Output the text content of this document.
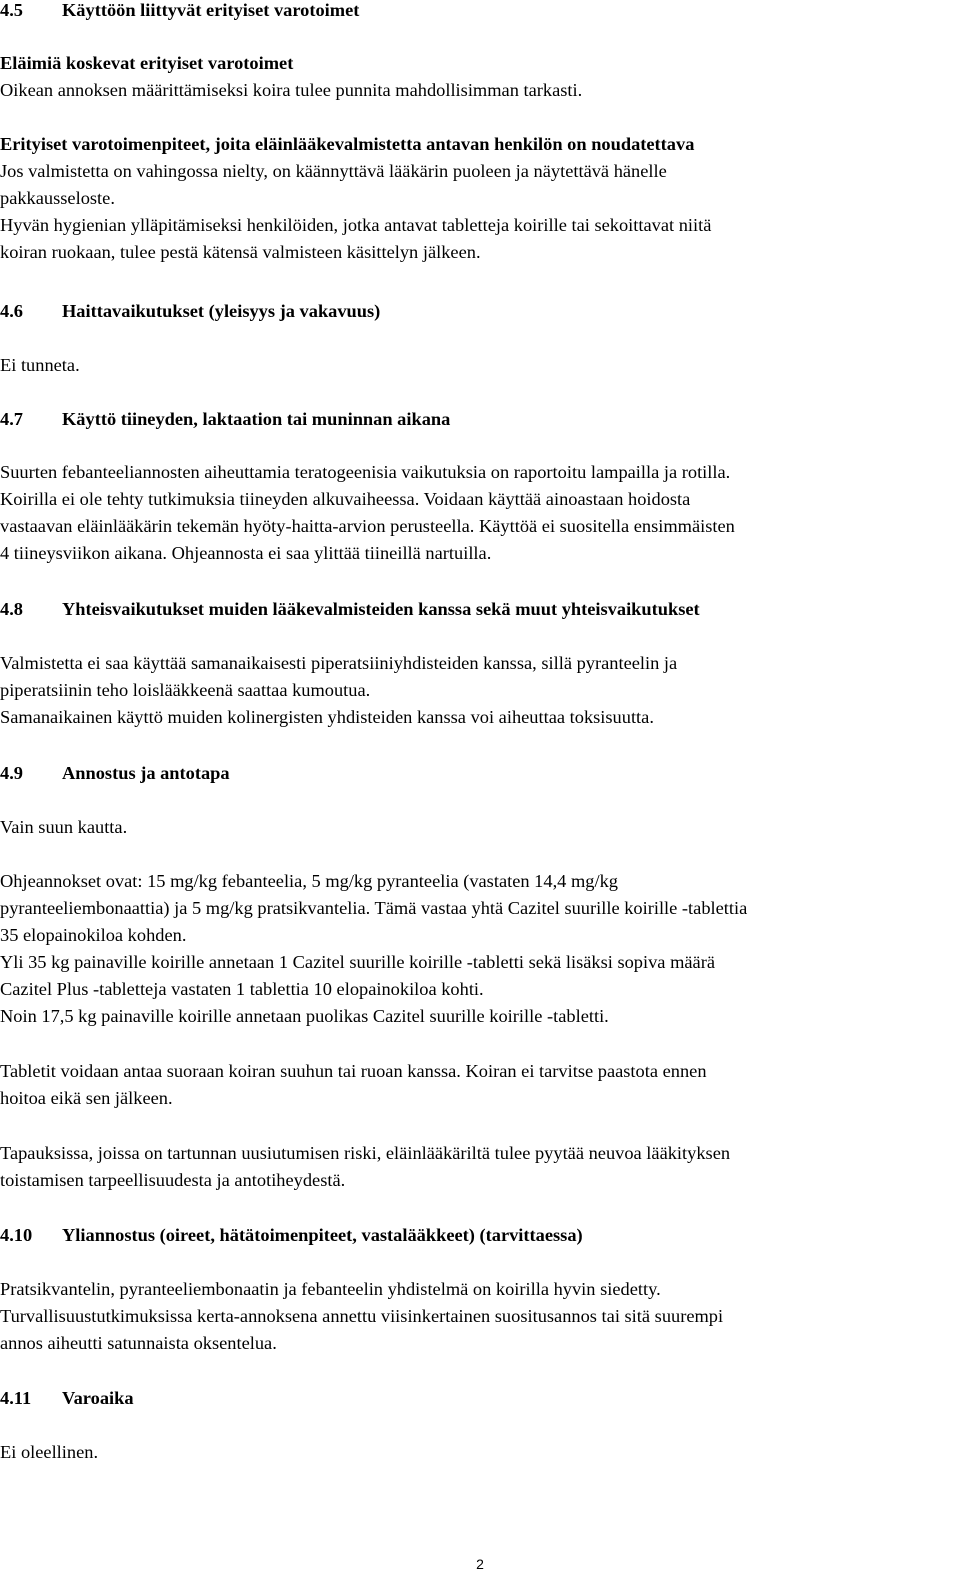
4.5 Käyttöön liittyvät erityiset varotoimet

Eläimiä koskevat erityiset varotoimet

Oikean annoksen määrittämiseksi koira tulee punnita mahdollisimman tarkasti.

Erityiset varotoimenpiteet, joita eläinlääkevalmistetta antavan henkilön on noudatettava

Jos valmistetta on vahingossa nielty, on käännyttävä lääkärin puoleen ja näytettävä hänelle

pakkausseloste.

Hyvän hygienian ylläpitämiseksi henkilöiden, jotka antavat tabletteja koirille tai sekoittavat niitä

koiran ruokaan, tulee pestä kätensä valmisteen käsittelyn jälkeen.

4.6 Haittavaikutukset (yleisyys ja vakavuus)

Ei tunneta.

4.7 Käyttö tiineyden, laktaation tai muninnan aikana

Suurten febanteeliannosten aiheuttamia teratogeenisia vaikutuksia on raportoitu lampailla ja rotilla.

Koirilla ei ole tehty tutkimuksia tiineyden alkuvaiheessa. Voidaan käyttää ainoastaan hoidosta

vastaavan eläinlääkärin tekemän hyöty-haitta-arvion perusteella. Käyttöä ei suositella ensimmäisten

4 tiineysviikon aikana. Ohjeannosta ei saa ylittää tiineillä nartuilla.

4.8 Yhteisvaikutukset muiden lääkevalmisteiden kanssa sekä muut yhteisvaikutukset

Valmistetta ei saa käyttää samanaikaisesti piperatsiiniyhdisteiden kanssa, sillä pyranteelin ja

piperatsiinin teho loislääkkeenä saattaa kumoutua.

Samanaikainen käyttö muiden kolinergisten yhdisteiden kanssa voi aiheuttaa toksisuutta.

4.9 Annostus ja antotapa

Vain suun kautta.

Ohjeannokset ovat: 15 mg/kg febanteelia, 5 mg/kg pyranteelia (vastaten 14,4 mg/kg

pyranteeliembonaattia) ja 5 mg/kg pratsikvantelia. Tämä vastaa yhtä Cazitel suurille koirille -tablettia

35 elopainokiloa kohden.

Yli 35 kg painaville koirille annetaan 1 Cazitel suurille koirille -tabletti sekä lisäksi sopiva määrä

Cazitel Plus -tabletteja vastaten 1 tablettia 10 elopainokiloa kohti.

Noin 17,5 kg painaville koirille annetaan puolikas Cazitel suurille koirille -tabletti.

Tabletit voidaan antaa suoraan koiran suuhun tai ruoan kanssa. Koiran ei tarvitse paastota ennen

hoitoa eikä sen jälkeen.

Tapauksissa, joissa on tartunnan uusiutumisen riski, eläinlääkäriltä tulee pyytää neuvoa lääkityksen

toistamisen tarpeellisuudesta ja antotiheydestä.

4.10 Yliannostus (oireet, hätätoimenpiteet, vastalääkkeet) (tarvittaessa)

Pratsikvantelin, pyranteeliembonaatin ja febanteelin yhdistelmä on koirilla hyvin siedetty.

Turvallisuustutkimuksissa kerta-annoksena annettu viisinkertainen suositusannos tai sitä suurempi

annos aiheutti satunnaista oksentelua.

4.11 Varoaika

Ei oleellinen.

2
